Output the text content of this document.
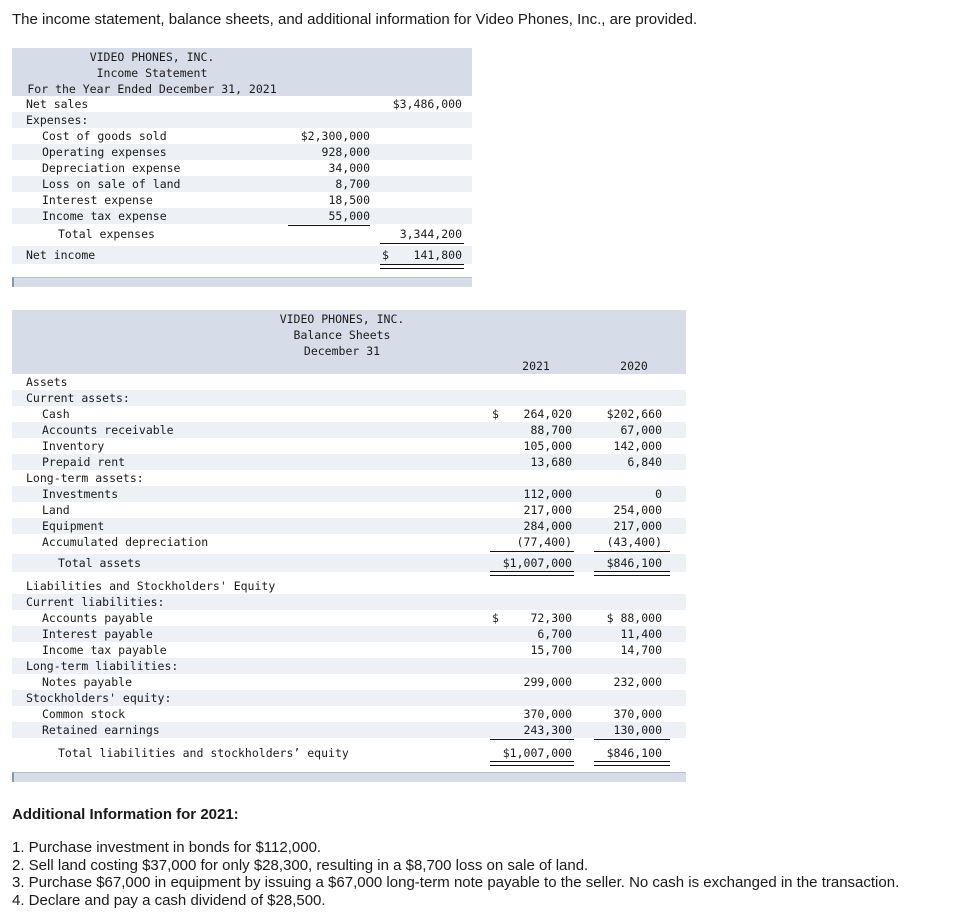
The income statement, balance sheets, and additional information for Video Phones, Inc., are provided.
VIDEO PHONES, INC.
Income Statement
For the Year Ended December 31, 2021
Net sales	$3,486,000
Expenses:
Cost of goods sold	$2,300,000
Operating expenses	928,000
Depreciation expense	34,000
Loss on sale of land	8,700
Interest expense	18,500
Income tax expense	55,000
Total expenses	3,344,200
Net income	$	141,800
VIDEO PHONES, INC.
Balance Sheets
December 31
2021	2020
Assets
Current assets:
Cash	$	264,020	$202,660
Accounts receivable	88,700	67,000
Inventory	105,000	142,000
Prepaid rent	13,680	6,840
Long-term assets:
Investments	112,000	0
Land	217,000	254,000
Equipment	284,000	217,000
Accumulated depreciation	(77,400)	(43,400)
Total assets	$1,007,000	$846,100
Liabilities and Stockholders' Equity
Current liabilities:
Accounts payable	$	72,300	$ 88,000
Interest payable	6,700	11,400
Income tax payable	15,700	14,700
Long-term liabilities:
Notes payable	299,000	232,000
Stockholders' equity:
Common stock	370,000	370,000
Retained earnings	243,300	130,000
Total liabilities and stockholders’ equity	$1,007,000	$846,100
Additional Information for 2021:
1. Purchase investment in bonds for $112,000.
2. Sell land costing $37,000 for only $28,300, resulting in a $8,700 loss on sale of land.
3. Purchase $67,000 in equipment by issuing a $67,000 long-term note payable to the seller. No cash is exchanged in the transaction.
4. Declare and pay a cash dividend of $28,500.
